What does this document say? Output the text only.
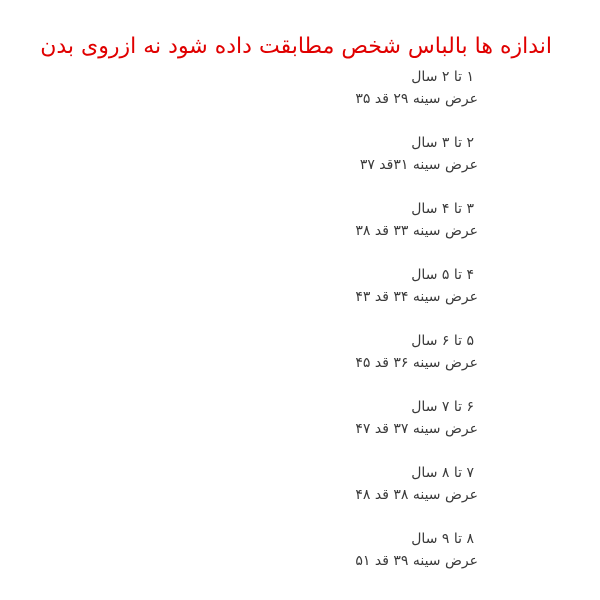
اندازه ها بالباس شخص مطابقت داده شود نه ازروی بدن
۱ تا ۲ سال
عرض سینه ۲۹ قد ۳۵
۲ تا ۳ سال
عرض سینه ۳۱قد ۳۷
۳ تا ۴ سال
عرض سینه ۳۳ قد ۳۸
۴ تا ۵ سال
عرض سینه ۳۴ قد ۴۳
۵ تا ۶ سال
عرض سینه ۳۶ قد ۴۵
۶ تا ۷ سال
عرض سینه ۳۷ قد ۴۷
۷ تا ۸ سال
عرض سینه ۳۸ قد ۴۸
۸ تا ۹ سال
عرض سینه ۳۹ قد ۵۱
